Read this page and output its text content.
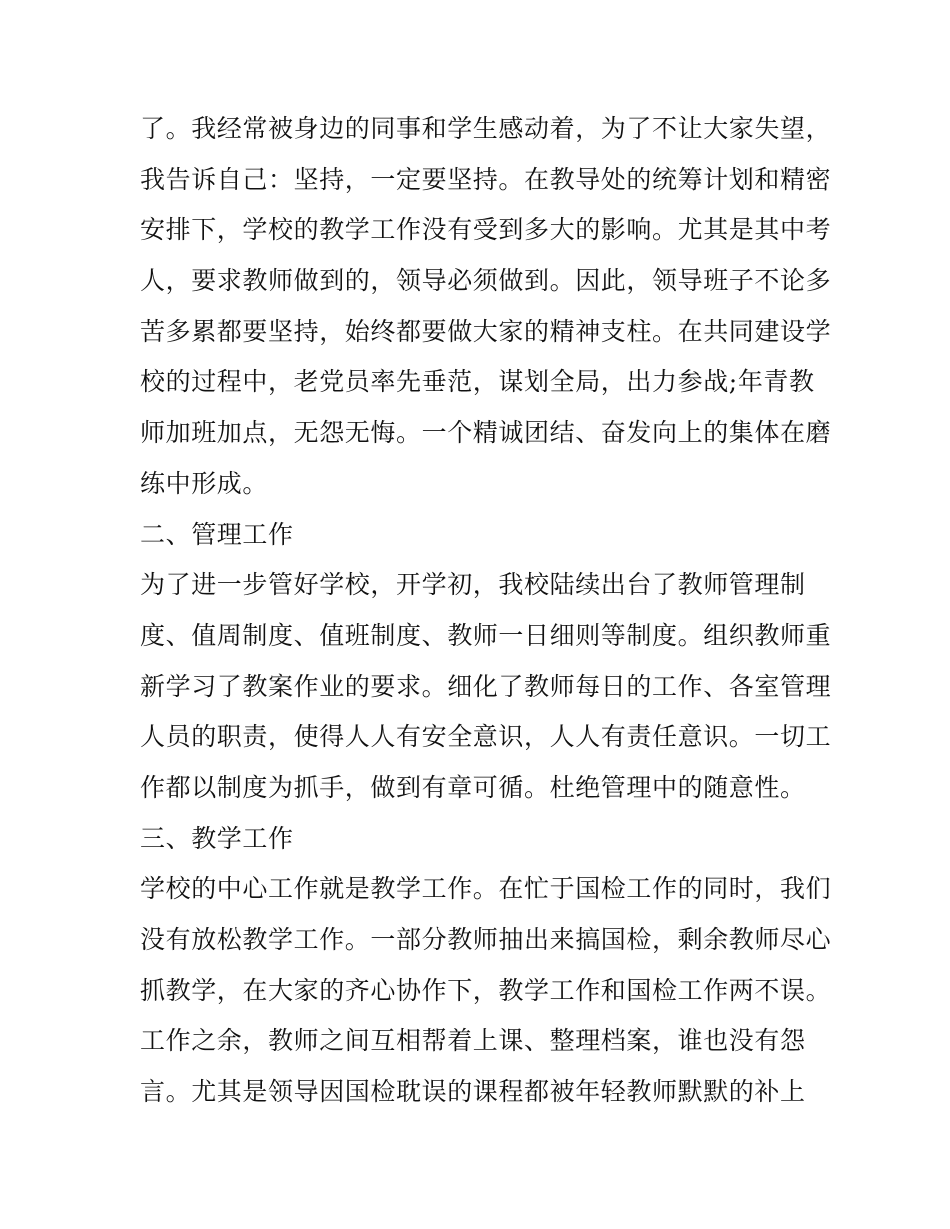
了。我经常被身边的同事和学生感动着，为了不让大家失望，
我告诉自己：坚持，一定要坚持。在教导处的统筹计划和精密
安排下，学校的教学工作没有受到多大的影响。尤其是其中考
人，要求教师做到的，领导必须做到。因此，领导班子不论多
苦多累都要坚持，始终都要做大家的精神支柱。在共同建设学
校的过程中，老党员率先垂范，谋划全局，出力参战;年青教
师加班加点，无怨无悔。一个精诚团结、奋发向上的集体在磨
练中形成。
二、管理工作
为了进一步管好学校，开学初，我校陆续出台了教师管理制
度、值周制度、值班制度、教师一日细则等制度。组织教师重
新学习了教案作业的要求。细化了教师每日的工作、各室管理
人员的职责，使得人人有安全意识，人人有责任意识。一切工
作都以制度为抓手，做到有章可循。杜绝管理中的随意性。
三、教学工作
学校的中心工作就是教学工作。在忙于国检工作的同时，我们
没有放松教学工作。一部分教师抽出来搞国检，剩余教师尽心
抓教学，在大家的齐心协作下，教学工作和国检工作两不误。
工作之余，教师之间互相帮着上课、整理档案，谁也没有怨
言。尤其是领导因国检耽误的课程都被年轻教师默默的补上
